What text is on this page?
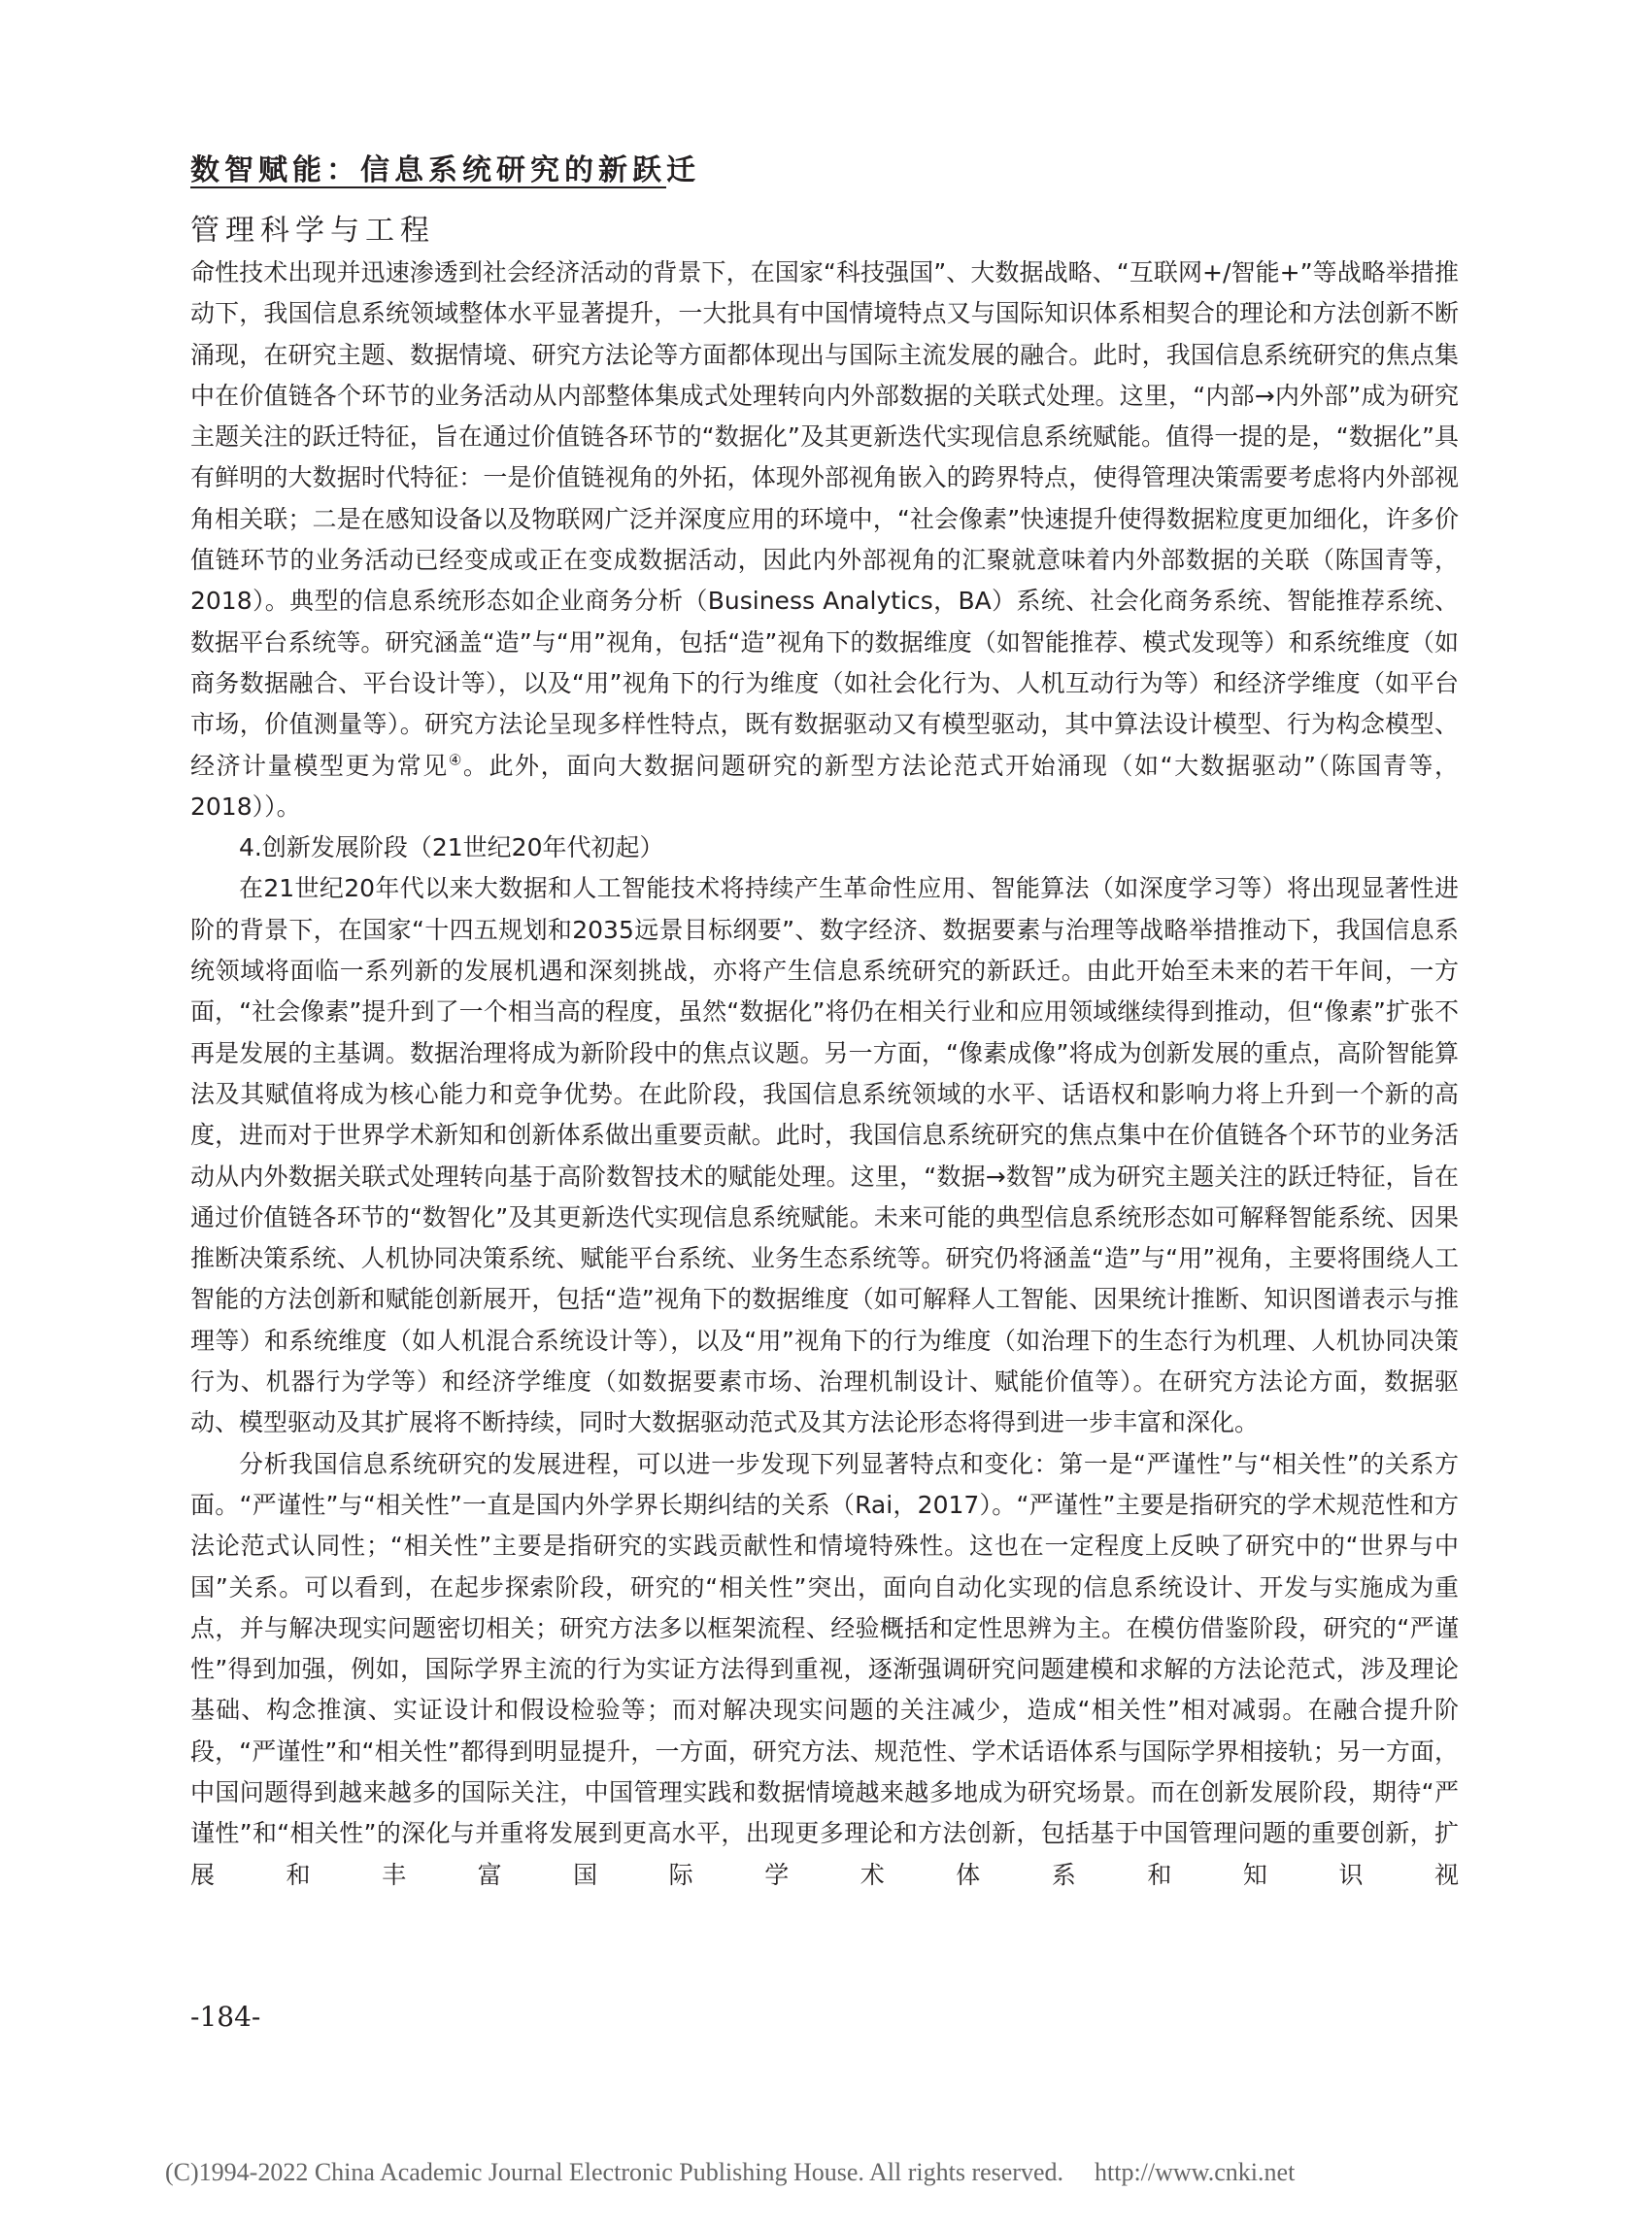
数智赋能：信息系统研究的新跃迁
管理科学与工程

命性技术出现并迅速渗透到社会经济活动的背景下，在国家“科技强国”、大数据战略、“互联网+/智能+”等战略举措推动下，我国信息系统领域整体水平显著提升，一大批具有中国情境特点又与国际知识体系相契合的理论和方法创新不断涌现，在研究主题、数据情境、研究方法论等方面都体现出与国际主流发展的融合。此时，我国信息系统研究的焦点集中在价值链各个环节的业务活动从内部整体集成式处理转向内外部数据的关联式处理。这里，“内部→内外部”成为研究主题关注的跃迁特征，旨在通过价值链各环节的“数据化”及其更新迭代实现信息系统赋能。值得一提的是，“数据化”具有鲜明的大数据时代特征：一是价值链视角的外拓，体现外部视角嵌入的跨界特点，使得管理决策需要考虑将内外部视角相关联；二是在感知设备以及物联网广泛并深度应用的环境中，“社会像素”快速提升使得数据粒度更加细化，许多价值链环节的业务活动已经变成或正在变成数据活动，因此内外部视角的汇聚就意味着内外部数据的关联（陈国青等，2018）。典型的信息系统形态如企业商务分析（Business Analytics，BA）系统、社会化商务系统、智能推荐系统、数据平台系统等。研究涵盖“造”与“用”视角，包括“造”视角下的数据维度（如智能推荐、模式发现等）和系统维度（如商务数据融合、平台设计等），以及“用”视角下的行为维度（如社会化行为、人机互动行为等）和经济学维度（如平台市场，价值测量等）。研究方法论呈现多样性特点，既有数据驱动又有模型驱动，其中算法设计模型、行为构念模型、经济计量模型更为常见④。此外，面向大数据问题研究的新型方法论范式开始涌现（如“大数据驱动”（陈国青等，2018））。

4.创新发展阶段（21世纪20年代初起）

在21世纪20年代以来大数据和人工智能技术将持续产生革命性应用、智能算法（如深度学习等）将出现显著性进阶的背景下，在国家“十四五规划和2035远景目标纲要”、数字经济、数据要素与治理等战略举措推动下，我国信息系统领域将面临一系列新的发展机遇和深刻挑战，亦将产生信息系统研究的新跃迁。由此开始至未来的若干年间，一方面，“社会像素”提升到了一个相当高的程度，虽然“数据化”将仍在相关行业和应用领域继续得到推动，但“像素”扩张不再是发展的主基调。数据治理将成为新阶段中的焦点议题。另一方面，“像素成像”将成为创新发展的重点，高阶智能算法及其赋值将成为核心能力和竞争优势。在此阶段，我国信息系统领域的水平、话语权和影响力将上升到一个新的高度，进而对于世界学术新知和创新体系做出重要贡献。此时，我国信息系统研究的焦点集中在价值链各个环节的业务活动从内外数据关联式处理转向基于高阶数智技术的赋能处理。这里，“数据→数智”成为研究主题关注的跃迁特征，旨在通过价值链各环节的“数智化”及其更新迭代实现信息系统赋能。未来可能的典型信息系统形态如可解释智能系统、因果推断决策系统、人机协同决策系统、赋能平台系统、业务生态系统等。研究仍将涵盖“造”与“用”视角，主要将围绕人工智能的方法创新和赋能创新展开，包括“造”视角下的数据维度（如可解释人工智能、因果统计推断、知识图谱表示与推理等）和系统维度（如人机混合系统设计等），以及“用”视角下的行为维度（如治理下的生态行为机理、人机协同决策行为、机器行为学等）和经济学维度（如数据要素市场、治理机制设计、赋能价值等）。在研究方法论方面，数据驱动、模型驱动及其扩展将不断持续，同时大数据驱动范式及其方法论形态将得到进一步丰富和深化。

分析我国信息系统研究的发展进程，可以进一步发现下列显著特点和变化：第一是“严谨性”与“相关性”的关系方面。“严谨性”与“相关性”一直是国内外学界长期纠结的关系（Rai，2017）。“严谨性”主要是指研究的学术规范性和方法论范式认同性；“相关性”主要是指研究的实践贡献性和情境特殊性。这也在一定程度上反映了研究中的“世界与中国”关系。可以看到，在起步探索阶段，研究的“相关性”突出，面向自动化实现的信息系统设计、开发与实施成为重点，并与解决现实问题密切相关；研究方法多以框架流程、经验概括和定性思辨为主。在模仿借鉴阶段，研究的“严谨性”得到加强，例如，国际学界主流的行为实证方法得到重视，逐渐强调研究问题建模和求解的方法论范式，涉及理论基础、构念推演、实证设计和假设检验等；而对解决现实问题的关注减少，造成“相关性”相对减弱。在融合提升阶段，“严谨性”和“相关性”都得到明显提升，一方面，研究方法、规范性、学术话语体系与国际学界相接轨；另一方面，中国问题得到越来越多的国际关注，中国管理实践和数据情境越来越多地成为研究场景。而在创新发展阶段，期待“严谨性”和“相关性”的深化与并重将发展到更高水平，出现更多理论和方法创新，包括基于中国管理问题的重要创新，扩展和丰富国际学术体系和知识视

-184-
(C)1994-2022 China Academic Journal Electronic Publishing House. All rights reserved. http://www.cnki.net
